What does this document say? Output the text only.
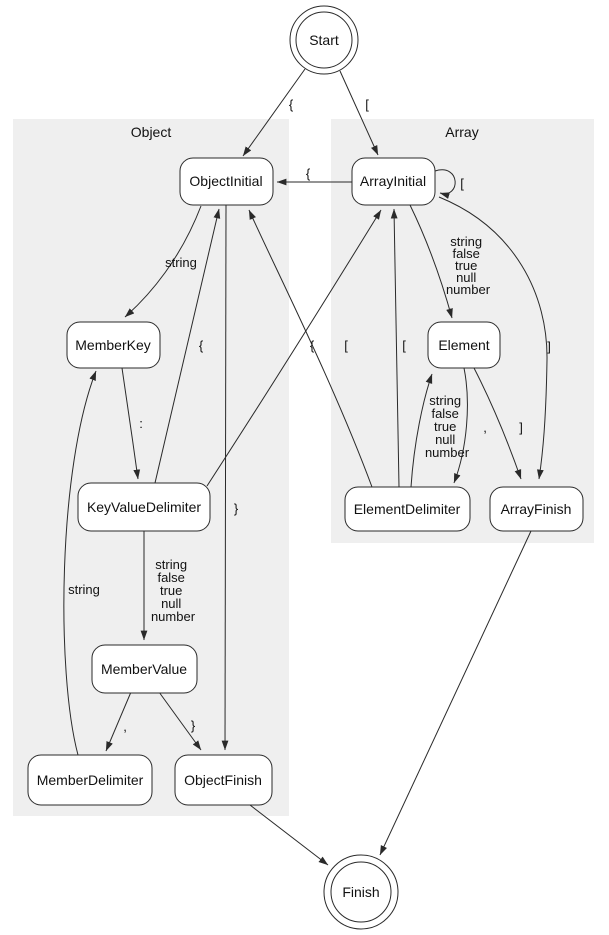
Object	Array
{	[
{
[
string
:
string false true null number
{	[
{	[
string false true null number
string false true null number
, ]
]
,	}
string
}
Start
ObjectInitial	ArrayInitial
MemberKey	Element
KeyValueDelimiter	ElementDelimiter	ArrayFinish
MemberValue
MemberDelimiter	ObjectFinish
Finish
